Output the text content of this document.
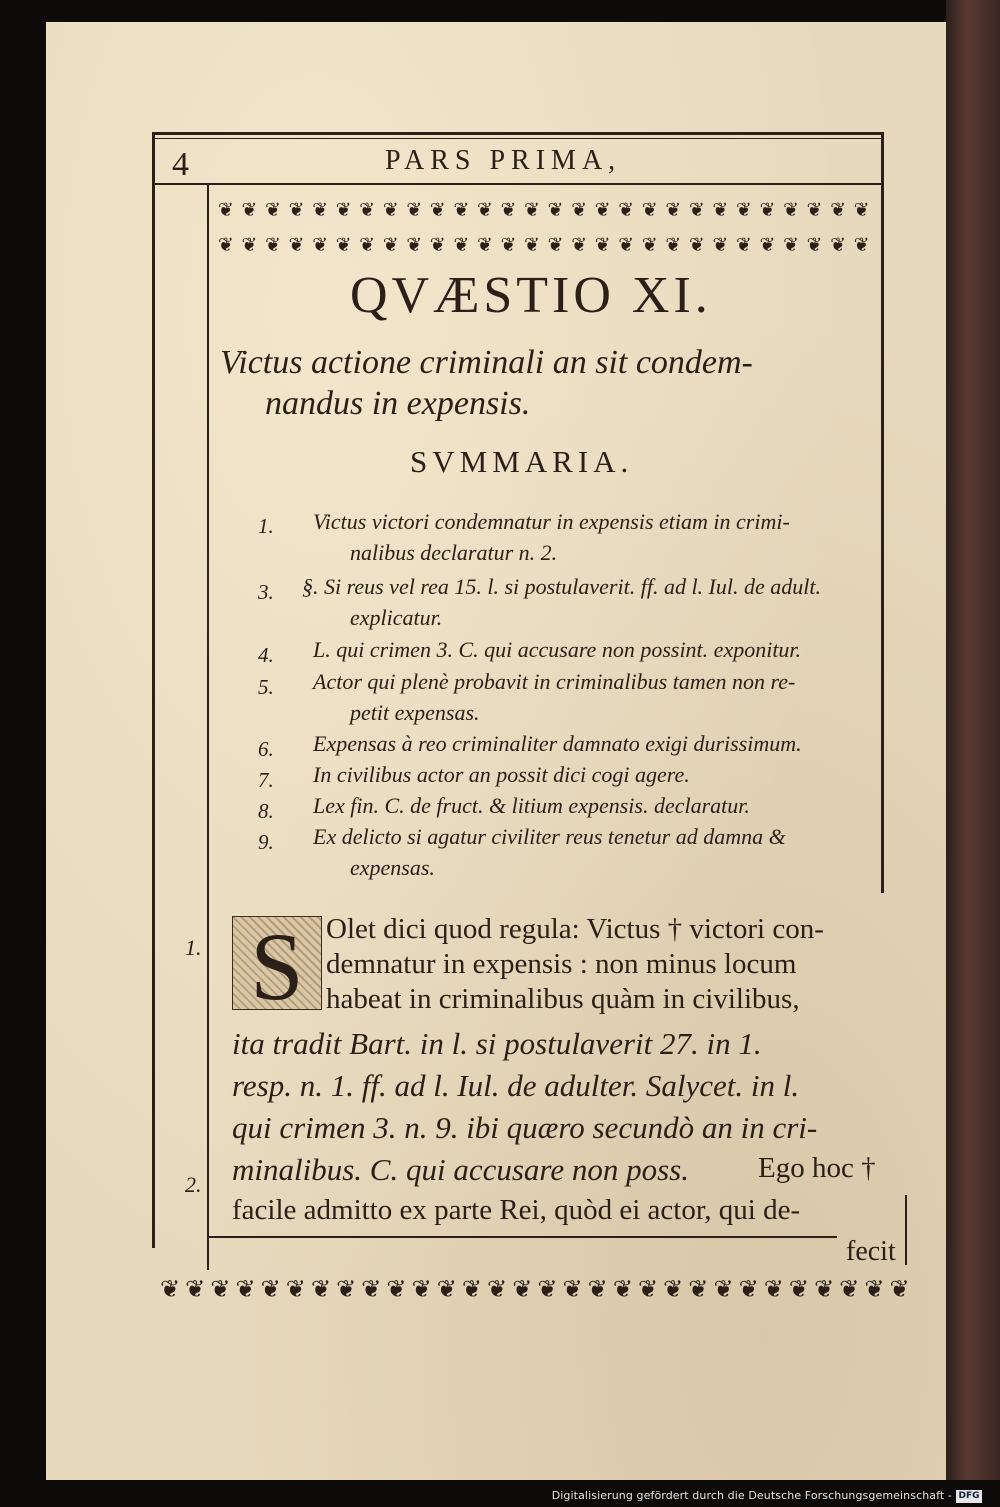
4	PARS PRIMA,
❦ ❦ ❦ ❦ ❦ ❦ ❦ ❦ ❦ ❦ ❦ ❦ ❦ ❦ ❦ ❦ ❦ ❦ ❦ ❦ ❦ ❦ ❦ ❦ ❦ ❦ ❦ ❦
❦ ❦ ❦ ❦ ❦ ❦ ❦ ❦ ❦ ❦ ❦ ❦ ❦ ❦ ❦ ❦ ❦ ❦ ❦ ❦ ❦ ❦ ❦ ❦ ❦ ❦ ❦ ❦
QVÆSTIO XI.
Victus actione criminali an sit condem-
nandus in expensis.
SVMMARIA.
1. Victus victori condemnatur in expensis etiam in crimi-
nalibus declaratur n. 2.
3. §. Si reus vel rea 15. l. si postulaverit. ff. ad l. Iul. de adult.
explicatur.
4. L. qui crimen 3. C. qui accusare non possint. exponitur.
5. Actor qui plenè probavit in criminalibus tamen non re-
petit expensas.
6. Expensas à reo criminaliter damnato exigi durissimum.
7. In civilibus actor an possit dici cogi agere.
8. Lex fin. C. de fruct. & litium expensis. declaratur.
9. Ex delicto si agatur civiliter reus tenetur ad damna &
expensas.
1.
2.
S Olet dici quod regula: Victus † victori con-
demnatur in expensis : non minus locum
habeat in criminalibus quàm in civilibus,
ita tradit Bart. in l. si postulaverit 27. in 1.
resp. n. 1. ff. ad l. Iul. de adulter. Salycet. in l.
qui crimen 3. n. 9. ibi quæro secundò an in cri-
minalibus. C. qui accusare non poss. Ego hoc †
facile admitto ex parte Rei, quòd ei actor, qui de-
fecit
❦ ❦ ❦ ❦ ❦ ❦ ❦ ❦ ❦ ❦ ❦ ❦ ❦ ❦ ❦ ❦ ❦ ❦ ❦ ❦ ❦ ❦ ❦ ❦ ❦ ❦ ❦ ❦ ❦ ❦
Digitalisierung gefördert durch die Deutsche Forschungsgemeinschaft - DFG
